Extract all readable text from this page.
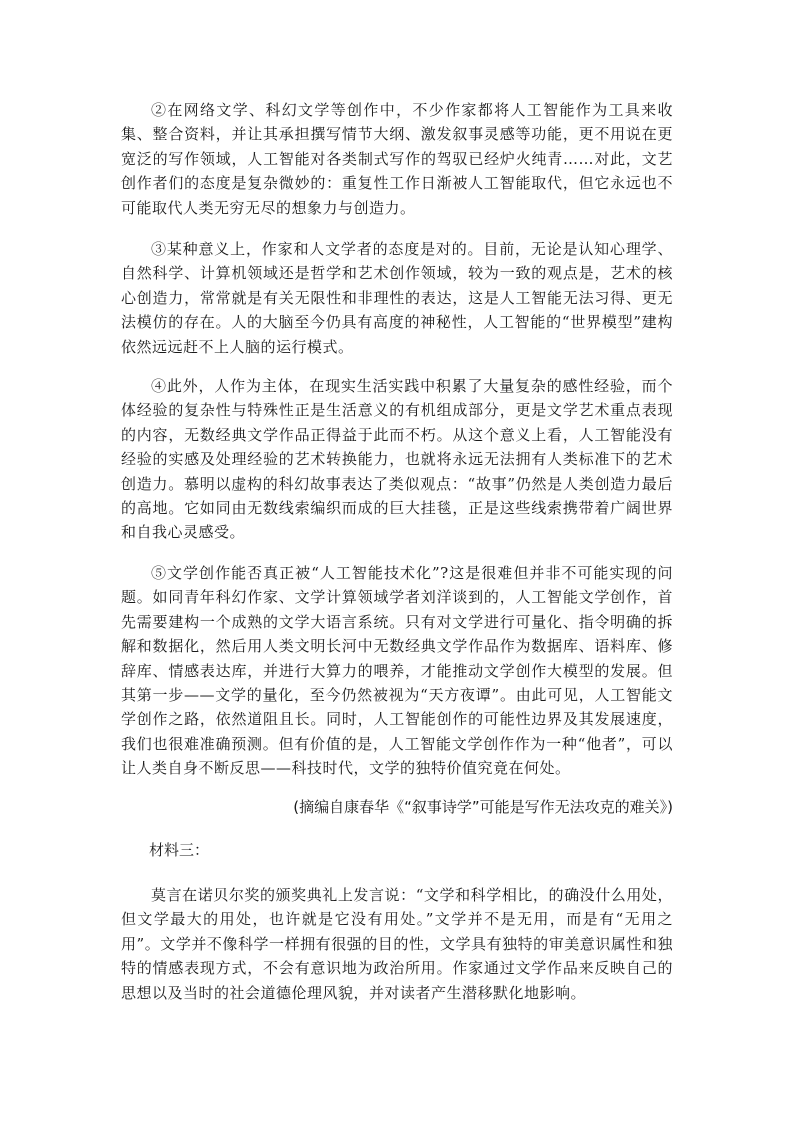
②在网络文学、科幻文学等创作中，不少作家都将人工智能作为工具来收集、整合资料，并让其承担撰写情节大纲、激发叙事灵感等功能，更不用说在更宽泛的写作领域，人工智能对各类制式写作的驾驭已经炉火纯青……对此，文艺创作者们的态度是复杂微妙的：重复性工作日渐被人工智能取代，但它永远也不可能取代人类无穷无尽的想象力与创造力。

③某种意义上，作家和人文学者的态度是对的。目前，无论是认知心理学、自然科学、计算机领域还是哲学和艺术创作领域，较为一致的观点是，艺术的核心创造力，常常就是有关无限性和非理性的表达，这是人工智能无法习得、更无法模仿的存在。人的大脑至今仍具有高度的神秘性，人工智能的“世界模型”建构依然远远赶不上人脑的运行模式。

④此外，人作为主体，在现实生活实践中积累了大量复杂的感性经验，而个体经验的复杂性与特殊性正是生活意义的有机组成部分，更是文学艺术重点表现的内容，无数经典文学作品正得益于此而不朽。从这个意义上看，人工智能没有经验的实感及处理经验的艺术转换能力，也就将永远无法拥有人类标准下的艺术创造力。慕明以虚构的科幻故事表达了类似观点：“故事”仍然是人类创造力最后的高地。它如同由无数线索编织而成的巨大挂毯，正是这些线索携带着广阔世界和自我心灵感受。

⑤文学创作能否真正被“人工智能技术化”?这是很难但并非不可能实现的问题。如同青年科幻作家、文学计算领域学者刘洋谈到的，人工智能文学创作，首先需要建构一个成熟的文学大语言系统。只有对文学进行可量化、指令明确的拆解和数据化，然后用人类文明长河中无数经典文学作品作为数据库、语料库、修辞库、情感表达库，并进行大算力的喂养，才能推动文学创作大模型的发展。但其第一步——文学的量化，至今仍然被视为“天方夜谭”。由此可见，人工智能文学创作之路，依然道阻且长。同时，人工智能创作的可能性边界及其发展速度，我们也很难准确预测。但有价值的是，人工智能文学创作作为一种“他者”，可以让人类自身不断反思——科技时代，文学的独特价值究竟在何处。

(摘编自康春华《“叙事诗学”可能是写作无法攻克的难关》)

材料三：

莫言在诺贝尔奖的颁奖典礼上发言说：“文学和科学相比，的确没什么用处，但文学最大的用处，也许就是它没有用处。”文学并不是无用，而是有“无用之用”。文学并不像科学一样拥有很强的目的性，文学具有独特的审美意识属性和独特的情感表现方式，不会有意识地为政治所用。作家通过文学作品来反映自己的思想以及当时的社会道德伦理风貌，并对读者产生潜移默化地影响。
